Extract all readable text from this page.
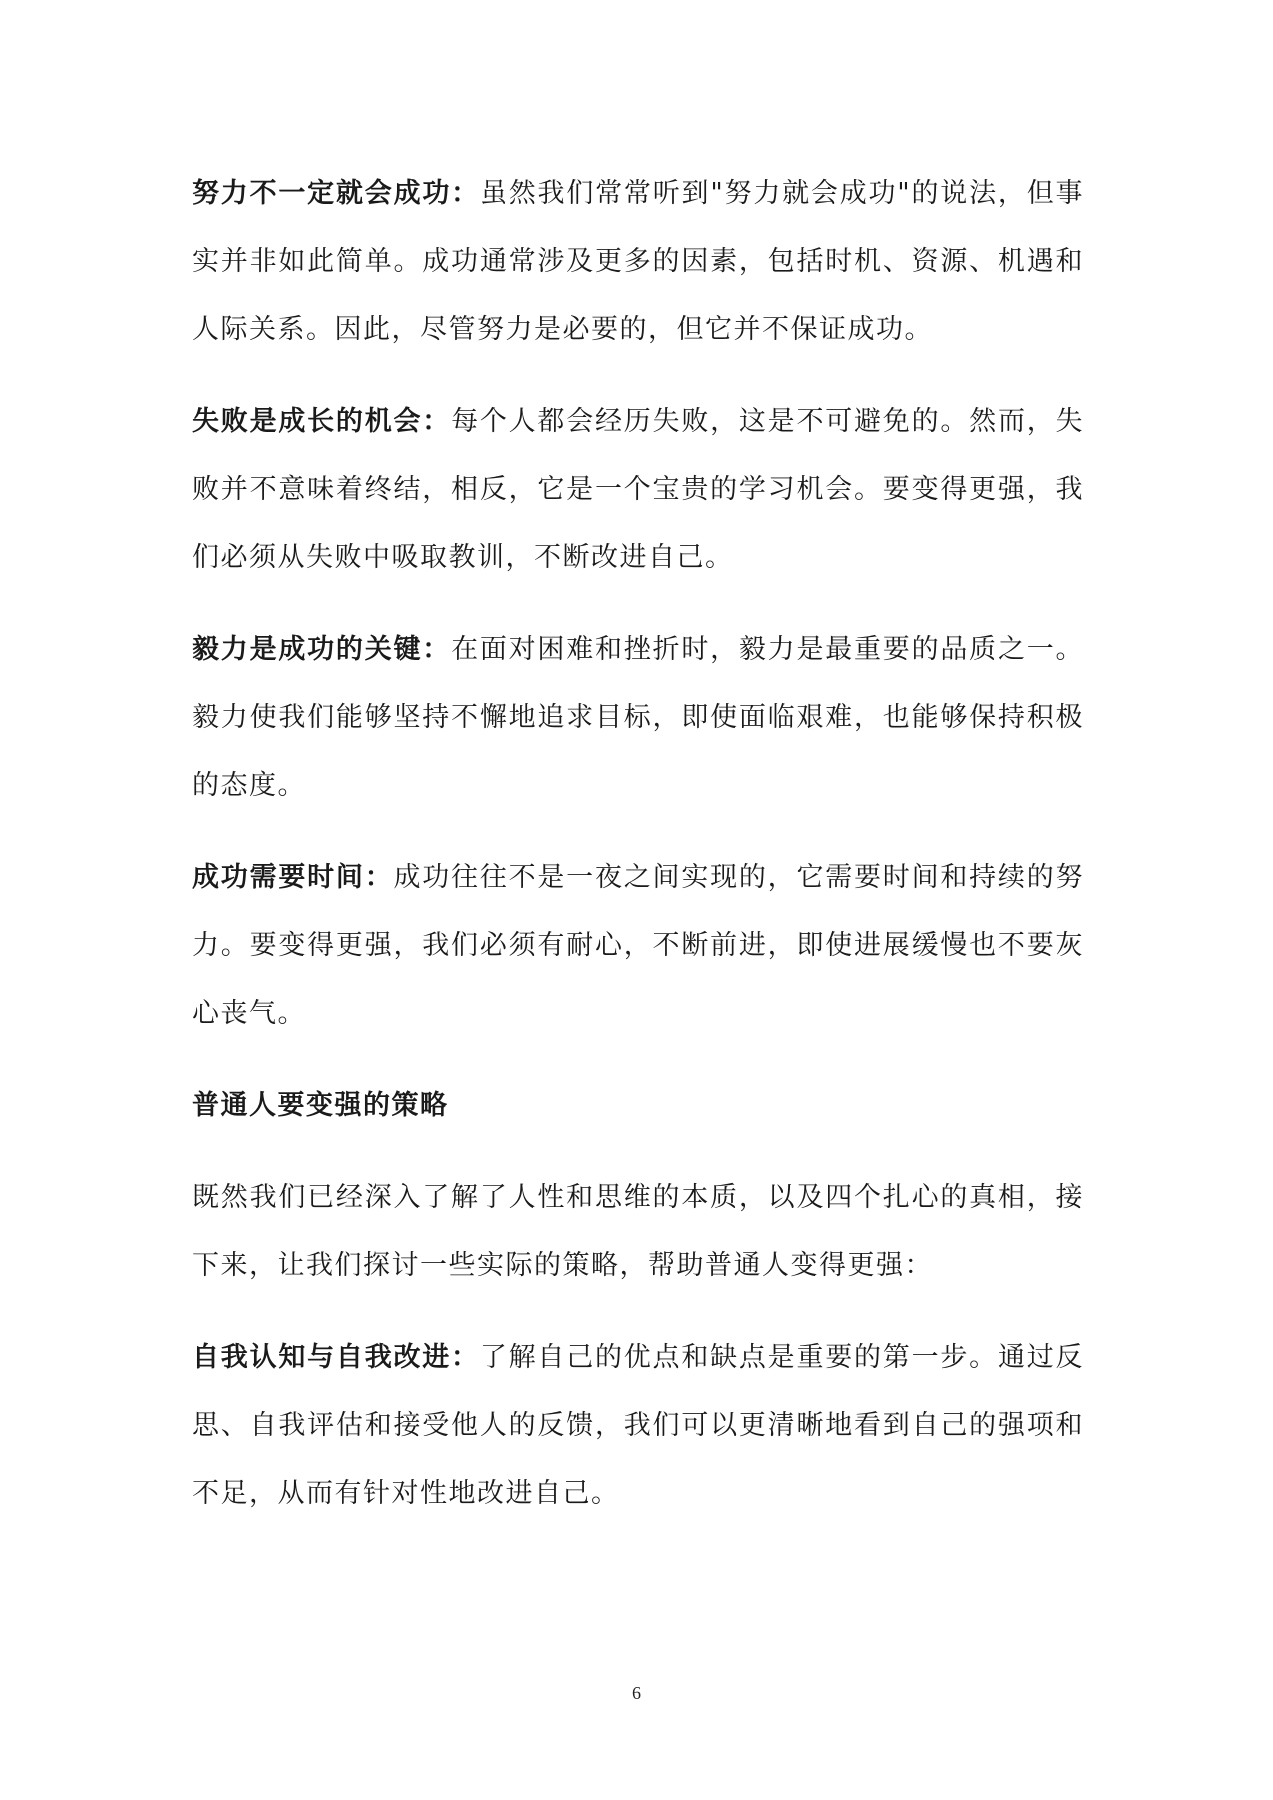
努力不一定就会成功：虽然我们常常听到"努力就会成功"的说法，但事实并非如此简单。成功通常涉及更多的因素，包括时机、资源、机遇和人际关系。因此，尽管努力是必要的，但它并不保证成功。

失败是成长的机会：每个人都会经历失败，这是不可避免的。然而，失败并不意味着终结，相反，它是一个宝贵的学习机会。要变得更强，我们必须从失败中吸取教训，不断改进自己。

毅力是成功的关键：在面对困难和挫折时，毅力是最重要的品质之一。毅力使我们能够坚持不懈地追求目标，即使面临艰难，也能够保持积极的态度。

成功需要时间：成功往往不是一夜之间实现的，它需要时间和持续的努力。要变得更强，我们必须有耐心，不断前进，即使进展缓慢也不要灰心丧气。

普通人要变强的策略

既然我们已经深入了解了人性和思维的本质，以及四个扎心的真相，接下来，让我们探讨一些实际的策略，帮助普通人变得更强：

自我认知与自我改进：了解自己的优点和缺点是重要的第一步。通过反思、自我评估和接受他人的反馈，我们可以更清晰地看到自己的强项和不足，从而有针对性地改进自己。

6
